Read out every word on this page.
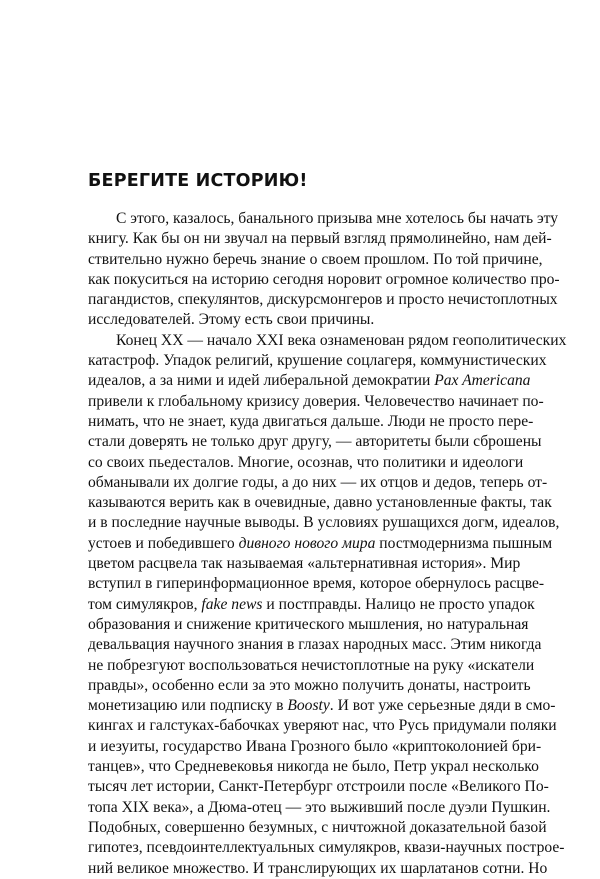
БЕРЕГИТЕ ИСТОРИЮ!
С этого, казалось, банального призыва мне хотелось бы начать эту
книгу. Как бы он ни звучал на первый взгляд прямолинейно, нам дей-
ствительно нужно беречь знание о своем прошлом. По той причине,
как покуситься на историю сегодня норовит огромное количество про-
пагандистов, спекулянтов, дискурсмонгеров и просто нечистоплотных
исследователей. Этому есть свои причины.
Конец XX — начало XXI века ознаменован рядом геополитических
катастроф. Упадок религий, крушение соцлагеря, коммунистических
идеалов, а за ними и идей либеральной демократии Pax Americana
привели к глобальному кризису доверия. Человечество начинает по-
нимать, что не знает, куда двигаться дальше. Люди не просто пере-
стали доверять не только друг другу, — авторитеты были сброшены
со своих пьедесталов. Многие, осознав, что политики и идеологи
обманывали их долгие годы, а до них — их отцов и дедов, теперь от-
казываются верить как в очевидные, давно установленные факты, так
и в последние научные выводы. В условиях рушащихся догм, идеалов,
устоев и победившего дивного нового мира постмодернизма пышным
цветом расцвела так называемая «альтернативная история». Мир
вступил в гиперинформационное время, которое обернулось расцве-
том симулякров, fake news и постправды. Налицо не просто упадок
образования и снижение критического мышления, но натуральная
девальвация научного знания в глазах народных масс. Этим никогда
не побрезгуют воспользоваться нечистоплотные на руку «искатели
правды», особенно если за это можно получить донаты, настроить
монетизацию или подписку в Boosty. И вот уже серьезные дяди в смо-
кингах и галстуках-бабочках уверяют нас, что Русь придумали поляки
и иезуиты, государство Ивана Грозного было «криптоколонией бри-
танцев», что Средневековья никогда не было, Петр украл несколько
тысяч лет истории, Санкт-Петербург отстроили после «Великого По-
топа XIX века», а Дюма-отец — это выживший после дуэли Пушкин.
Подобных, совершенно безумных, с ничтожной доказательной базой
гипотез, псевдоинтеллектуальных симулякров, квази-научных построе-
ний великое множество. И транслирующих их шарлатанов сотни. Но
